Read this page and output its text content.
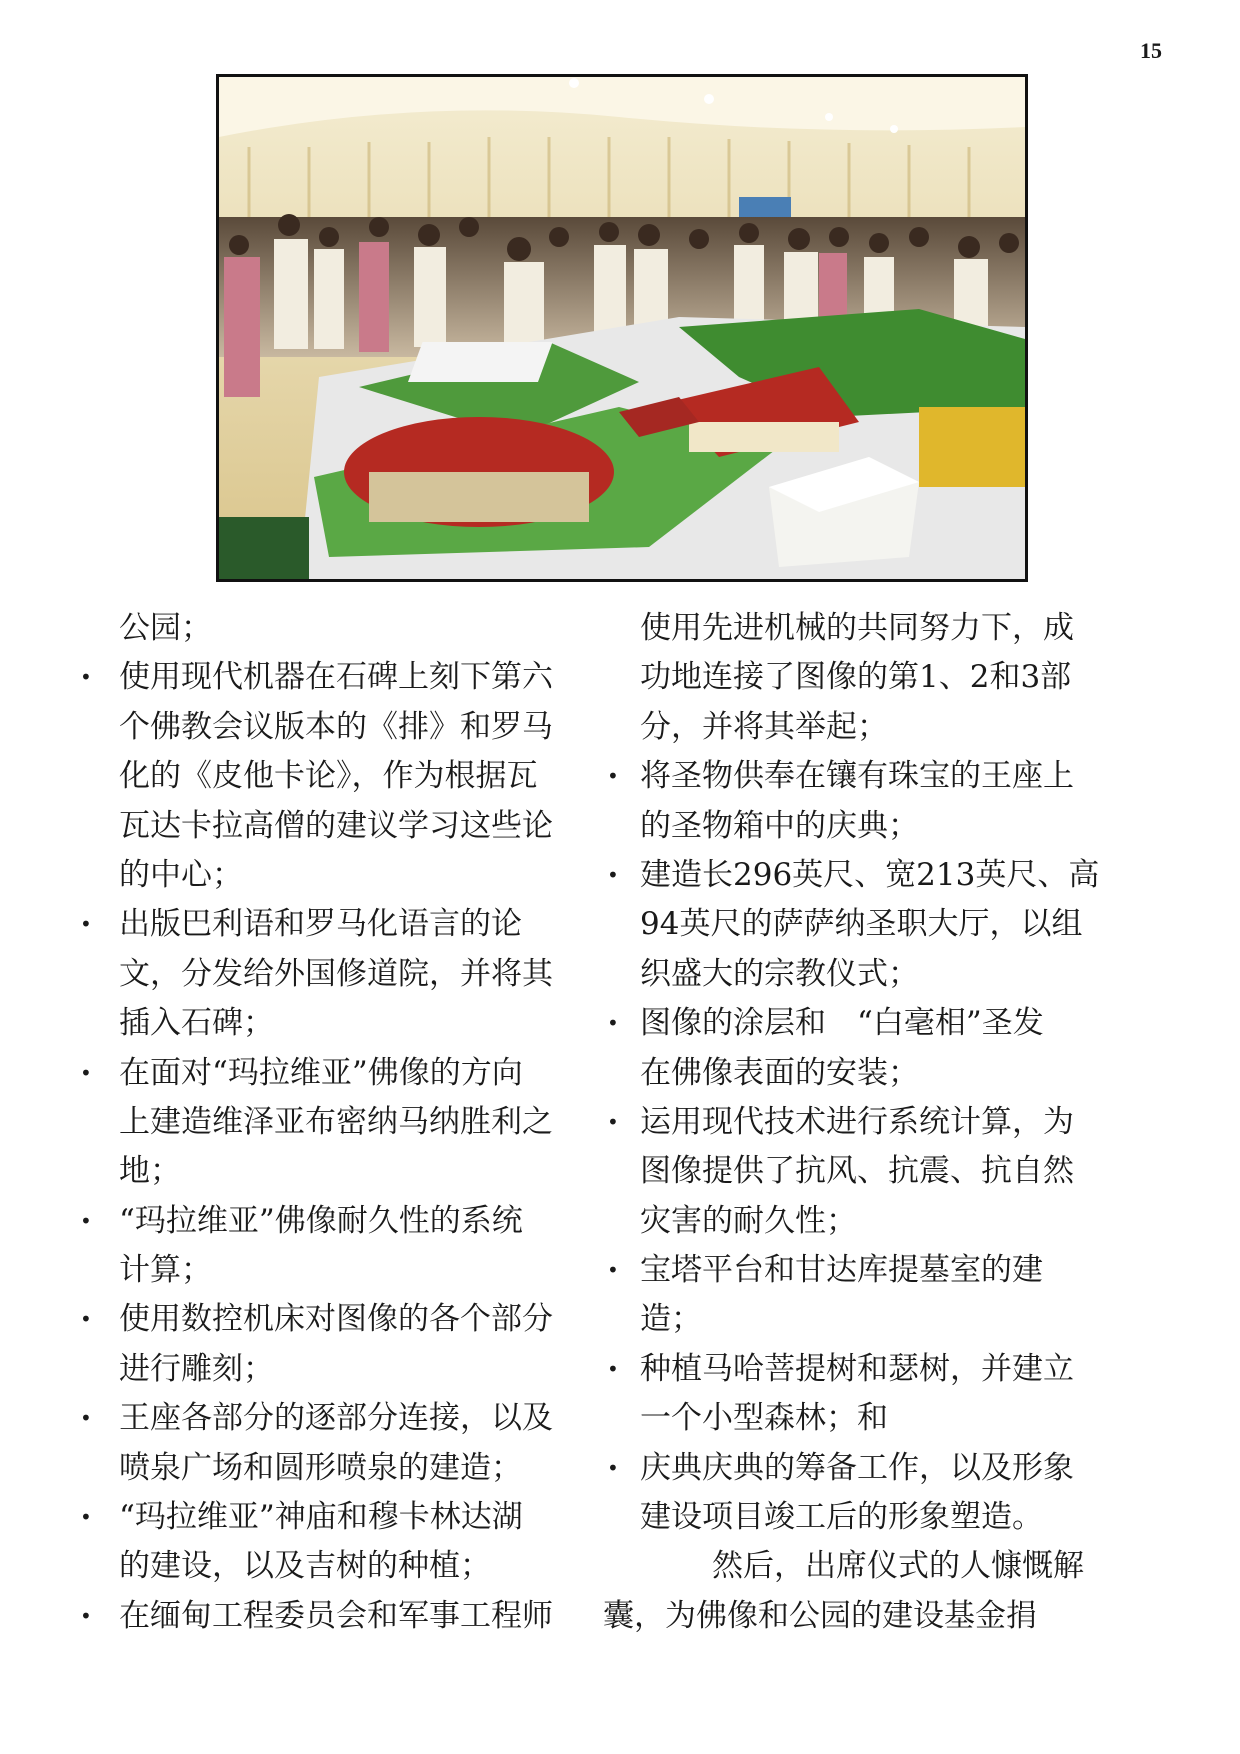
15
公园；
• 使用现代机器在石碑上刻下第六
个佛教会议版本的《排》和罗马
化的《皮他卡论》，作为根据瓦
瓦达卡拉高僧的建议学习这些论
的中心；
• 出版巴利语和罗马化语言的论
文，分发给外国修道院，并将其
插入石碑；
• 在面对“玛拉维亚”佛像的方向
上建造维泽亚布密纳马纳胜利之
地；
• “玛拉维亚”佛像耐久性的系统
计算；
• 使用数控机床对图像的各个部分
进行雕刻；
• 王座各部分的逐部分连接，以及
喷泉广场和圆形喷泉的建造；
• “玛拉维亚”神庙和穆卡林达湖
的建设，以及吉树的种植；
• 在缅甸工程委员会和军事工程师
使用先进机械的共同努力下，成
功地连接了图像的第1、2和3部
分，并将其举起；
• 将圣物供奉在镶有珠宝的王座上
的圣物箱中的庆典；
• 建造长296英尺、宽213英尺、高
94英尺的萨萨纳圣职大厅，以组
织盛大的宗教仪式；
• 图像的涂层和　“白毫相”圣发
在佛像表面的安装；
• 运用现代技术进行系统计算，为
图像提供了抗风、抗震、抗自然
灾害的耐久性；
• 宝塔平台和甘达库提墓室的建
造；
• 种植马哈菩提树和瑟树，并建立
一个小型森林；和
• 庆典庆典的筹备工作，以及形象
建设项目竣工后的形象塑造。
然后，出席仪式的人慷慨解
囊，为佛像和公园的建设基金捐
